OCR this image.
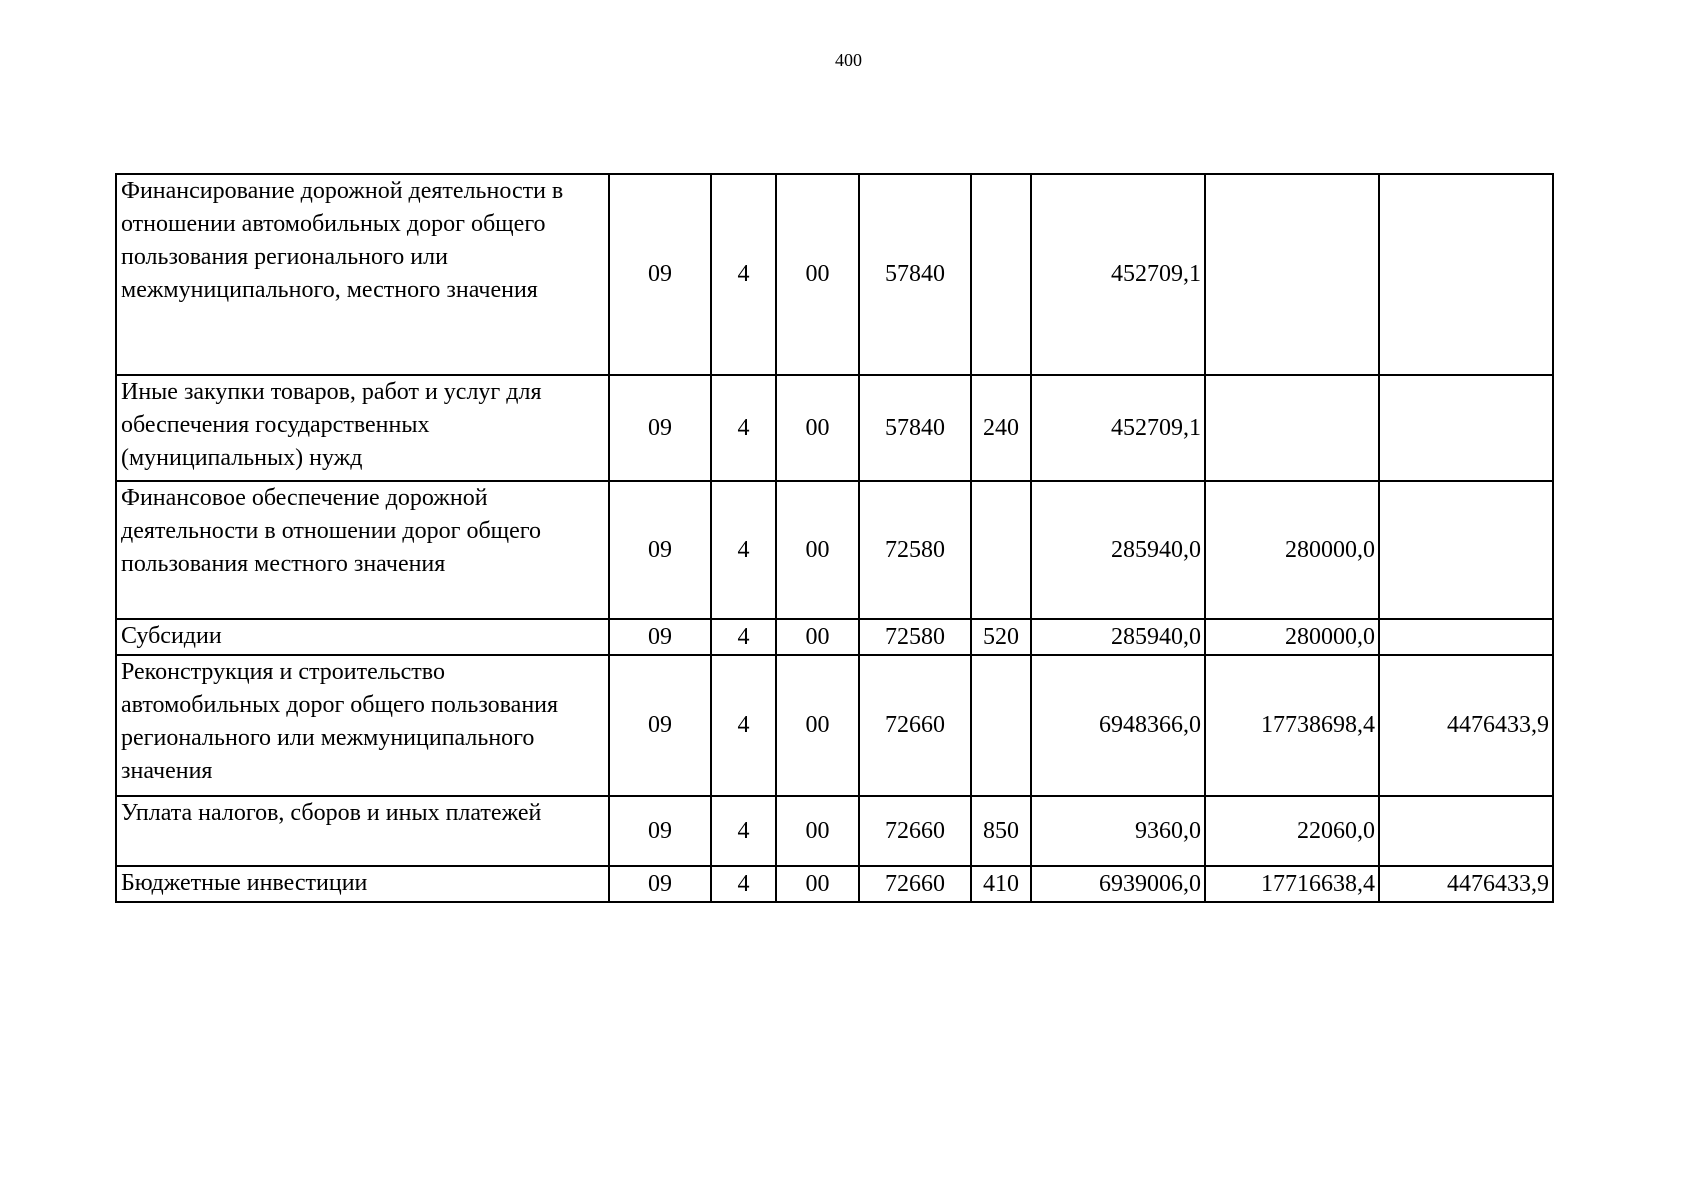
400
Финансирование дорожной деятельности в отношении автомобильных дорог общего пользования регионального или межмуниципального, местного значения	09	4	00	57840		452709,1		
Иные закупки товаров, работ и услуг для обеспечения государственных (муниципальных) нужд	09	4	00	57840	240	452709,1		
Финансовое обеспечение дорожной деятельности в отношении дорог общего пользования местного значения	09	4	00	72580		285940,0	280000,0	
Субсидии	09	4	00	72580	520	285940,0	280000,0	
Реконструкция и строительство автомобильных дорог общего пользования регионального или межмуниципального значения	09	4	00	72660		6948366,0	17738698,4	4476433,9
Уплата налогов, сборов и иных платежей	09	4	00	72660	850	9360,0	22060,0	
Бюджетные инвестиции	09	4	00	72660	410	6939006,0	17716638,4	4476433,9
